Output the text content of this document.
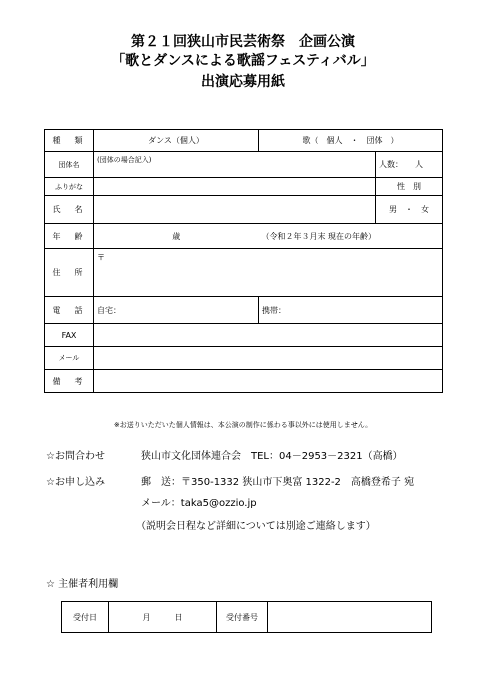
第２１回狭山市民芸術祭　企画公演
「歌とダンスによる歌謡フェスティバル」
出演応募用紙
種　類	ダンス（個人）	歌（　個人　・　団体　）	
団体名	(団体の場合記入)		人数：　　人
ふりがな			性　別
氏　名			男　・　女
年　齢	歳	（令和２年３月末 現在の年齢）	
住　所	〒		
電　話	自宅：	携帯：	
FAX			
メール			
備　考			
※お送りいただいた個人情報は、本公演の制作に係わる事以外には使用しません。
☆お問合わせ	狭山市文化団体連合会　TEL：04－2953－2321（高橋）
☆お申し込み	郵　送：〒350-1332 狭山市下奥富 1322-2　高橋登希子 宛
メール：taka5@ozzio.jp
（説明会日程など詳細については別途ご連絡します）
☆ 主催者利用欄
受付日	月　　　日	受付番号	
